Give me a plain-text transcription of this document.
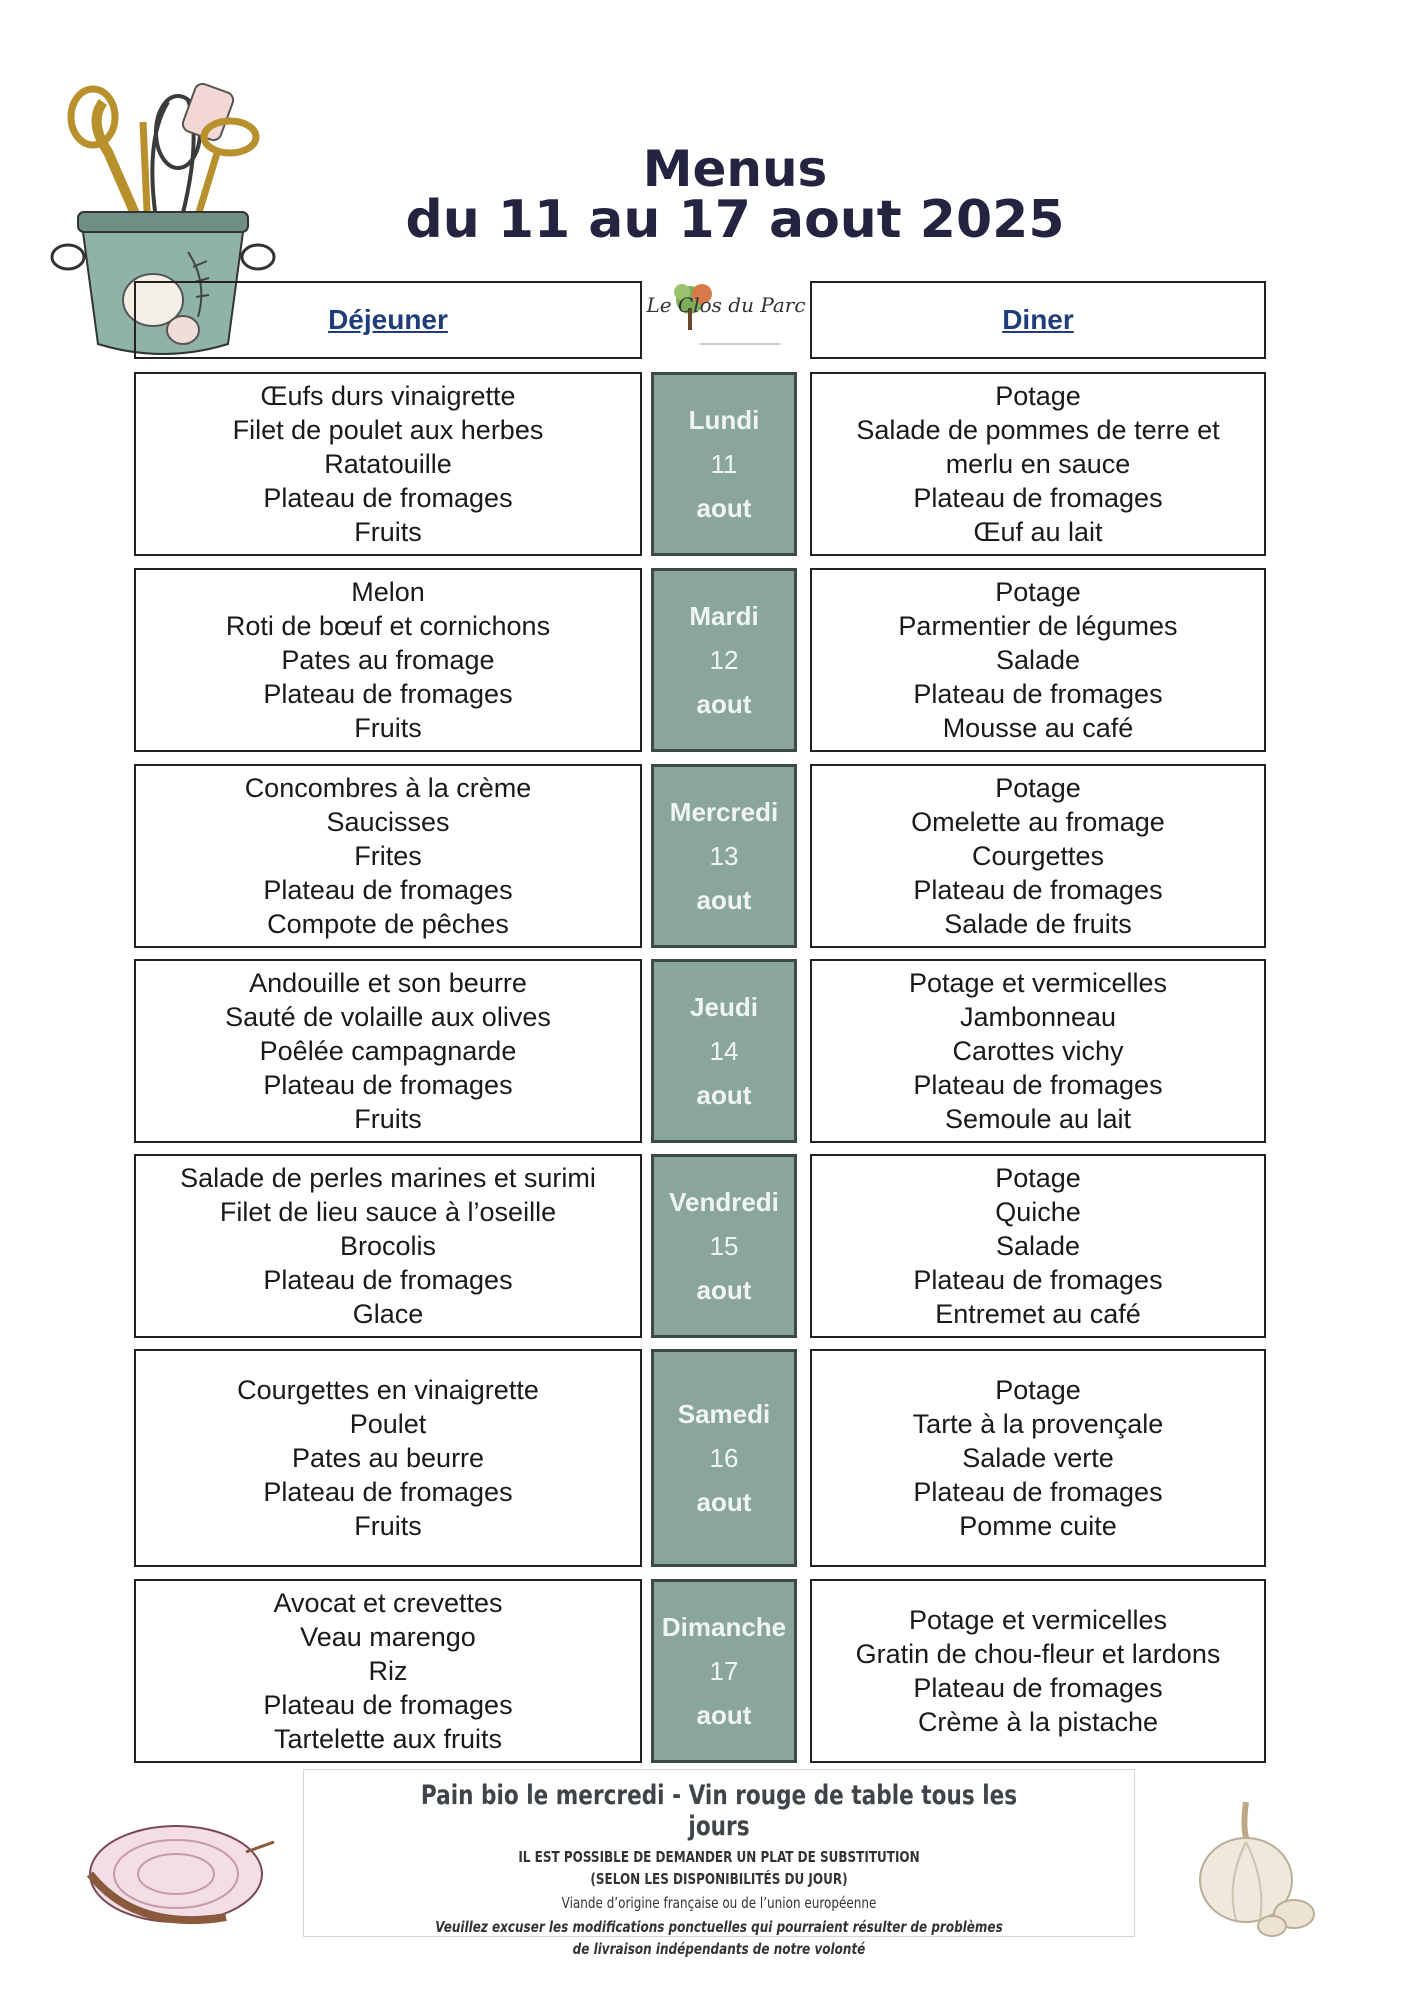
Menus
du 11 au 17 aout 2025
Déjeuner	Le Clos du Parc	Diner
Œufs durs vinaigrette
Filet de poulet aux herbes
Ratatouille
Plateau de fromages
Fruits
Lundi
11
aout
Potage
Salade de pommes de terre et
merlu en sauce
Plateau de fromages
Œuf au lait
Melon
Roti de bœuf et cornichons
Pates au fromage
Plateau de fromages
Fruits
Mardi
12
aout
Potage
Parmentier de légumes
Salade
Plateau de fromages
Mousse au café
Concombres à la crème
Saucisses
Frites
Plateau de fromages
Compote de pêches
Mercredi
13
aout
Potage
Omelette au fromage
Courgettes
Plateau de fromages
Salade de fruits
Andouille et son beurre
Sauté de volaille aux olives
Poêlée campagnarde
Plateau de fromages
Fruits
Jeudi
14
aout
Potage et vermicelles
Jambonneau
Carottes vichy
Plateau de fromages
Semoule au lait
Salade de perles marines et surimi
Filet de lieu sauce à l’oseille
Brocolis
Plateau de fromages
Glace
Vendredi
15
aout
Potage
Quiche
Salade
Plateau de fromages
Entremet au café
Courgettes en vinaigrette
Poulet
Pates au beurre
Plateau de fromages
Fruits
Samedi
16
aout
Potage
Tarte à la provençale
Salade verte
Plateau de fromages
Pomme cuite
Avocat et crevettes
Veau marengo
Riz
Plateau de fromages
Tartelette aux fruits
Dimanche
17
aout
Potage et vermicelles
Gratin de chou-fleur et lardons
Plateau de fromages
Crème à la pistache
Pain bio le mercredi - Vin rouge de table tous les jours
IL EST POSSIBLE DE DEMANDER UN PLAT DE SUBSTITUTION
(SELON LES DISPONIBILITÉS DU JOUR)
Viande d’origine française ou de l’union européenne
Veuillez excuser les modifications ponctuelles qui pourraient résulter de problèmes
de livraison indépendants de notre volonté
